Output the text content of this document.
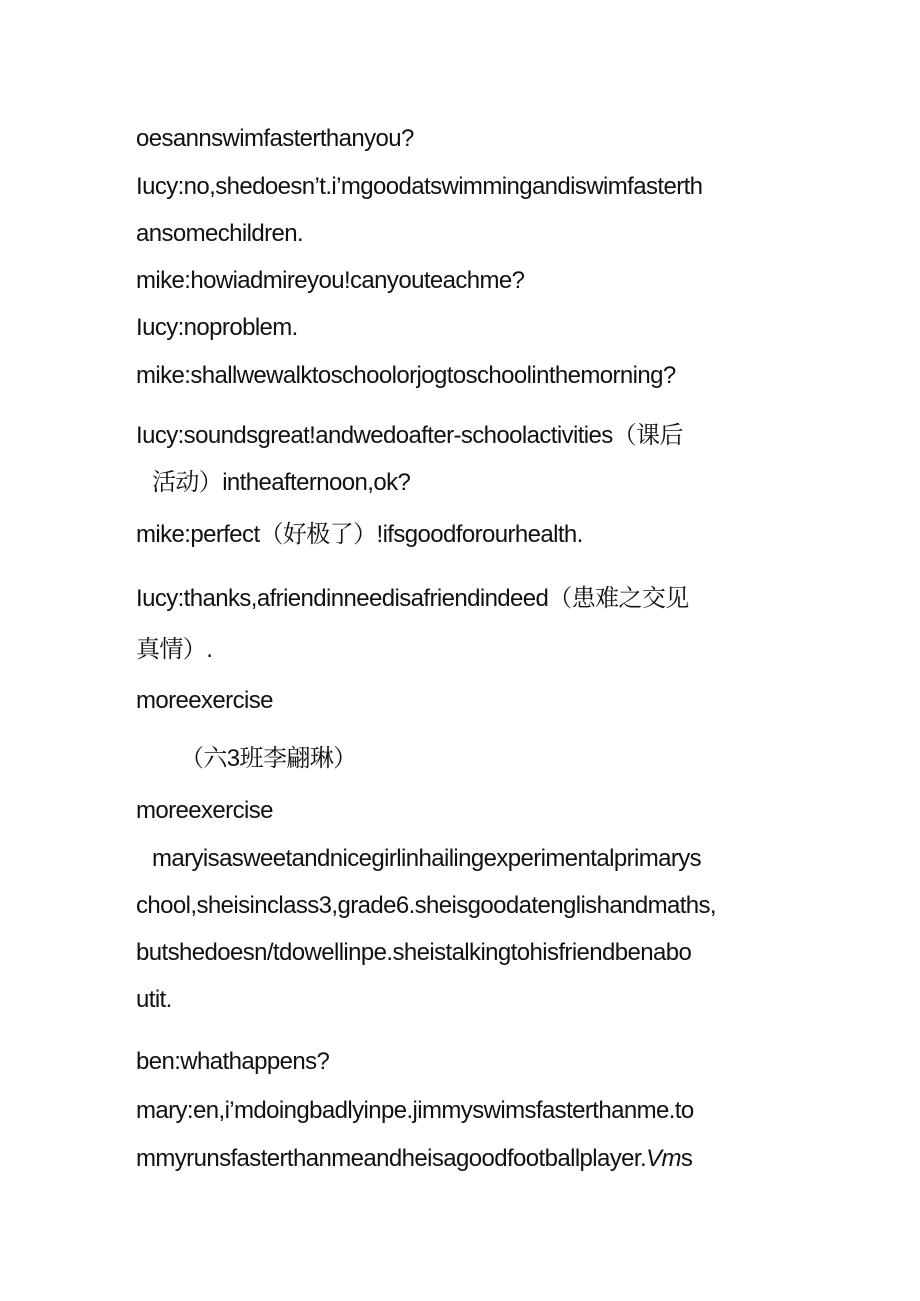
oesannswimfasterthanyou?
Iucy:no,shedoesn’t.i’mgoodatswimmingandiswimfasterth
ansomechildren.
mike:howiadmireyou!canyouteachme?
Iucy:noproblem.
mike:shallwewalktoschoolorjogtoschoolinthemorning?
Iucy:soundsgreat!andwedoafter-schoolactivities（课后
活动）intheafternoon,ok?
mike:perfect（好极了）!ifsgoodforourhealth.
Iucy:thanks,afriendinneedisafriendindeed（患难之交见
真情）.
moreexercise
（六3班李翩琳）
moreexercise
maryisasweetandnicegirlinhailingexperimentalprimarys
chool,sheisinclass3,grade6.sheisgoodatenglishandmaths,
butshedoesn/tdowellinpe.sheistalkingtohisfriendbenabo
utit.
ben:whathappens?
mary:en,i’mdoingbadlyinpe.jimmyswimsfasterthanme.to
mmyrunsfasterthanmeandheisagoodfootballplayer.Vms
